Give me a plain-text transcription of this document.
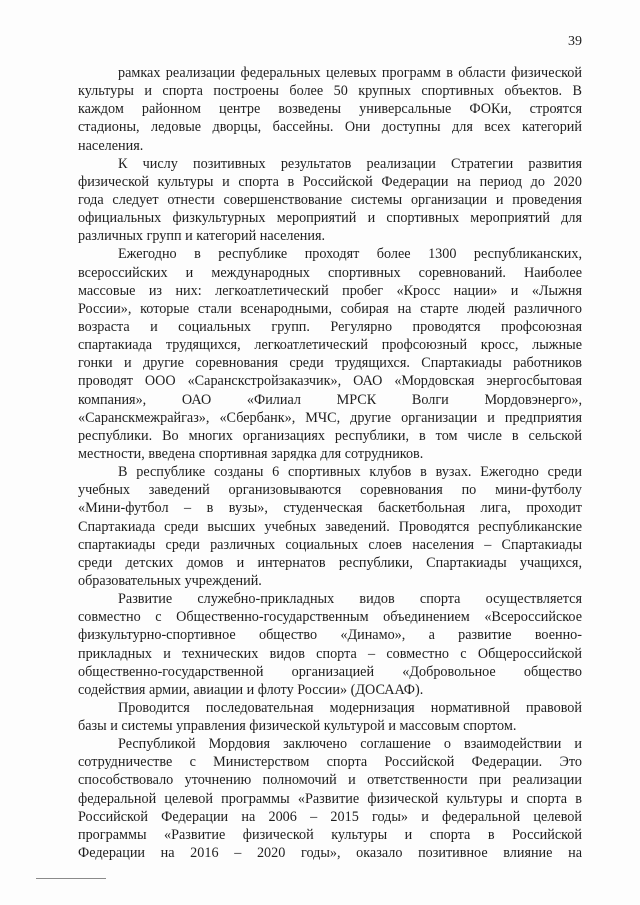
39
рамках реализации федеральных целевых программ в области физической
культуры и спорта построены более 50 крупных спортивных объектов. В
каждом районном центре возведены универсальные ФОКи, строятся
стадионы, ледовые дворцы, бассейны. Они доступны для всех категорий
населения.
К числу позитивных результатов реализации Стратегии развития
физической культуры и спорта в Российской Федерации на период до 2020
года следует отнести совершенствование системы организации и проведения
официальных физкультурных мероприятий и спортивных мероприятий для
различных групп и категорий населения.
Ежегодно в республике проходят более 1300 республиканских,
всероссийских и международных спортивных соревнований. Наиболее
массовые из них: легкоатлетический пробег «Кросс нации» и «Лыжня
России», которые стали всенародными, собирая на старте людей различного
возраста и социальных групп. Регулярно проводятся профсоюзная
спартакиада трудящихся, легкоатлетический профсоюзный кросс, лыжные
гонки и другие соревнования среди трудящихся. Спартакиады работников
проводят ООО «Саранскстройзаказчик», ОАО «Мордовская энергосбытовая
компания», ОАО «Филиал МРСК Волги Мордовэнерго»,
«Саранскмежрайгаз», «Сбербанк», МЧС, другие организации и предприятия
республики. Во многих организациях республики, в том числе в сельской
местности, введена спортивная зарядка для сотрудников.
В республике созданы 6 спортивных клубов в вузах. Ежегодно среди
учебных заведений организовываются соревнования по мини-футболу
«Мини-футбол – в вузы», студенческая баскетбольная лига, проходит
Спартакиада среди высших учебных заведений. Проводятся республиканские
спартакиады среди различных социальных слоев населения – Спартакиады
среди детских домов и интернатов республики, Спартакиады учащихся,
образовательных учреждений.
Развитие служебно-прикладных видов спорта осуществляется
совместно с Общественно-государственным объединением «Всероссийское
физкультурно-спортивное общество «Динамо», а развитие военно-
прикладных и технических видов спорта – совместно с Общероссийской
общественно-государственной организацией «Добровольное общество
содействия армии, авиации и флоту России» (ДОСААФ).
Проводится последовательная модернизация нормативной правовой
базы и системы управления физической культурой и массовым спортом.
Республикой Мордовия заключено соглашение о взаимодействии и
сотрудничестве с Министерством спорта Российской Федерации. Это
способствовало уточнению полномочий и ответственности при реализации
федеральной целевой программы «Развитие физической культуры и спорта в
Российской Федерации на 2006 – 2015 годы» и федеральной целевой
программы «Развитие физической культуры и спорта в Российской
Федерации на 2016 – 2020 годы», оказало позитивное влияние на
